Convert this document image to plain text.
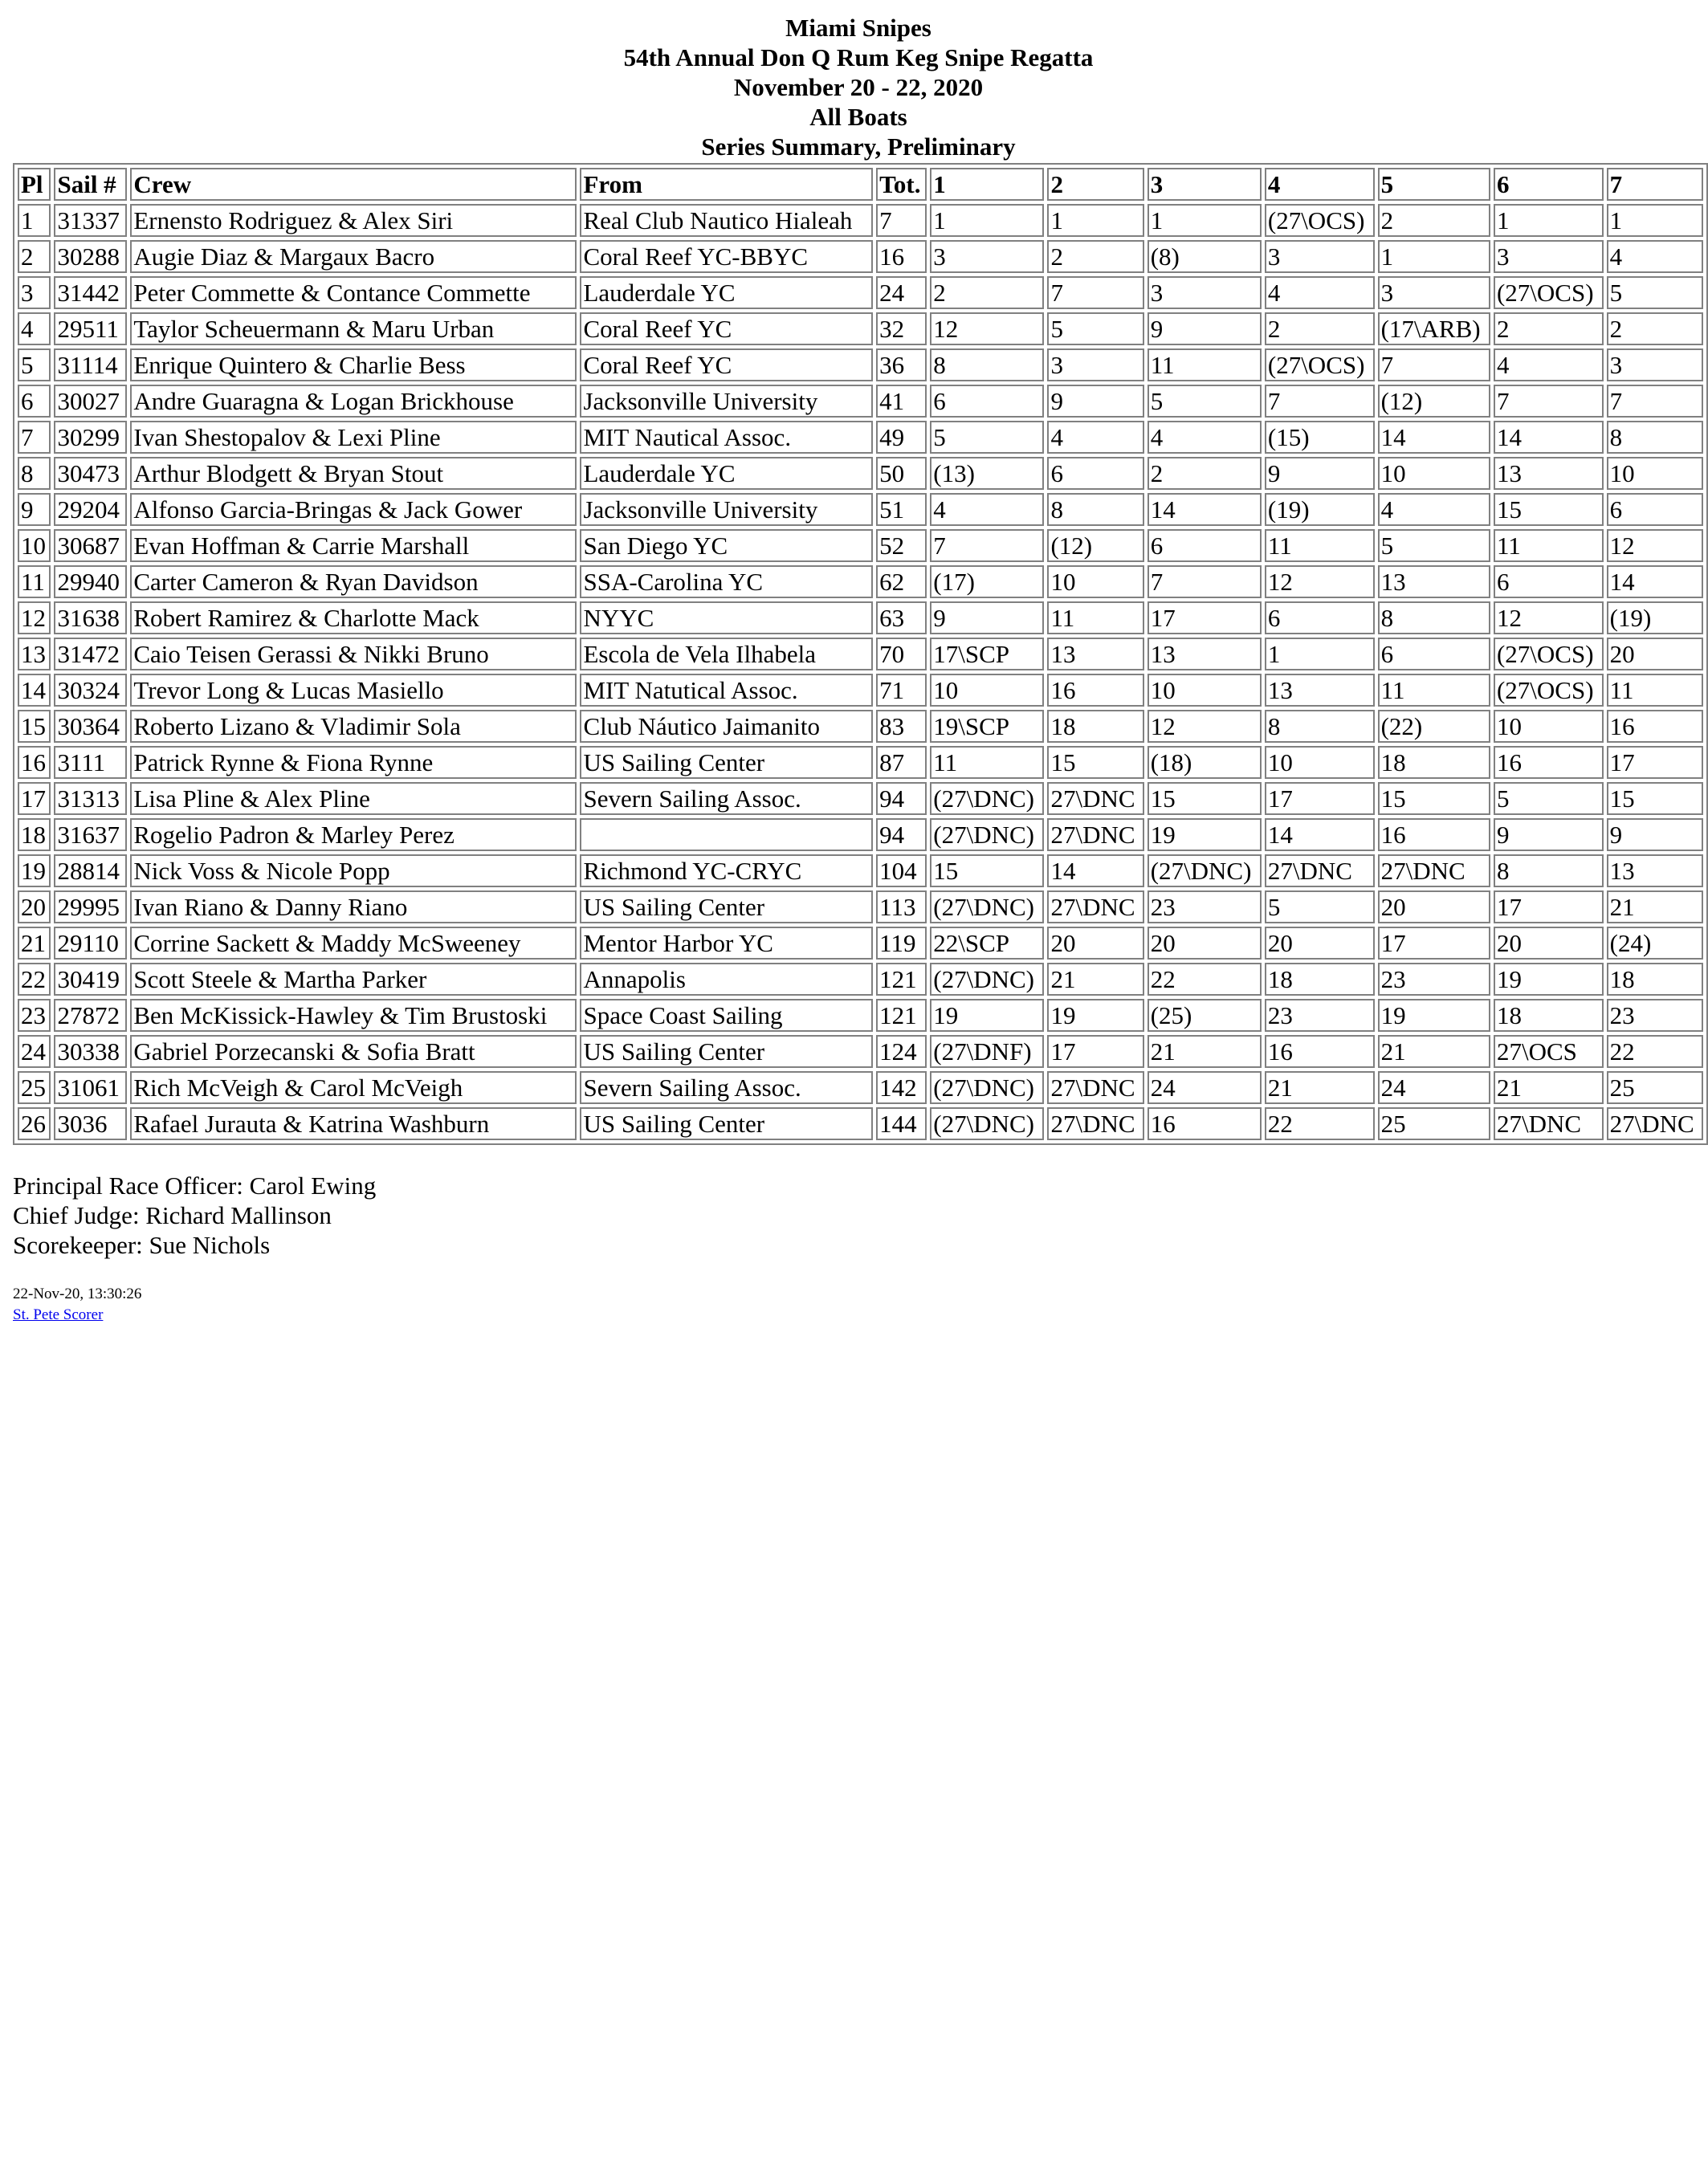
Miami Snipes
54th Annual Don Q Rum Keg Snipe Regatta
November 20 - 22, 2020
All Boats
Series Summary, Preliminary
Pl	Sail #	Crew	From	Tot.	1	2	3	4	5	6	7
1	31337	Ernensto Rodriguez & Alex Siri	Real Club Nautico Hialeah	7	1	1	1	(27\OCS)	2	1	1
2	30288	Augie Diaz & Margaux Bacro	Coral Reef YC-BBYC	16	3	2	(8)	3	1	3	4
3	31442	Peter Commette & Contance Commette	Lauderdale YC	24	2	7	3	4	3	(27\OCS)	5
4	29511	Taylor Scheuermann & Maru Urban	Coral Reef YC	32	12	5	9	2	(17\ARB)	2	2
5	31114	Enrique Quintero & Charlie Bess	Coral Reef YC	36	8	3	11	(27\OCS)	7	4	3
6	30027	Andre Guaragna & Logan Brickhouse	Jacksonville University	41	6	9	5	7	(12)	7	7
7	30299	Ivan Shestopalov & Lexi Pline	MIT Nautical Assoc.	49	5	4	4	(15)	14	14	8
8	30473	Arthur Blodgett & Bryan Stout	Lauderdale YC	50	(13)	6	2	9	10	13	10
9	29204	Alfonso Garcia-Bringas & Jack Gower	Jacksonville University	51	4	8	14	(19)	4	15	6
10	30687	Evan Hoffman & Carrie Marshall	San Diego YC	52	7	(12)	6	11	5	11	12
11	29940	Carter Cameron & Ryan Davidson	SSA-Carolina YC	62	(17)	10	7	12	13	6	14
12	31638	Robert Ramirez & Charlotte Mack	NYYC	63	9	11	17	6	8	12	(19)
13	31472	Caio Teisen Gerassi & Nikki Bruno	Escola de Vela Ilhabela	70	17\SCP	13	13	1	6	(27\OCS)	20
14	30324	Trevor Long & Lucas Masiello	MIT Natutical Assoc.	71	10	16	10	13	11	(27\OCS)	11
15	30364	Roberto Lizano & Vladimir Sola	Club Náutico Jaimanito	83	19\SCP	18	12	8	(22)	10	16
16	3111	Patrick Rynne & Fiona Rynne	US Sailing Center	87	11	15	(18)	10	18	16	17
17	31313	Lisa Pline & Alex Pline	Severn Sailing Assoc.	94	(27\DNC)	27\DNC	15	17	15	5	15
18	31637	Rogelio Padron & Marley Perez		94	(27\DNC)	27\DNC	19	14	16	9	9
19	28814	Nick Voss & Nicole Popp	Richmond YC-CRYC	104	15	14	(27\DNC)	27\DNC	27\DNC	8	13
20	29995	Ivan Riano & Danny Riano	US Sailing Center	113	(27\DNC)	27\DNC	23	5	20	17	21
21	29110	Corrine Sackett & Maddy McSweeney	Mentor Harbor YC	119	22\SCP	20	20	20	17	20	(24)
22	30419	Scott Steele & Martha Parker	Annapolis	121	(27\DNC)	21	22	18	23	19	18
23	27872	Ben McKissick-Hawley & Tim Brustoski	Space Coast Sailing	121	19	19	(25)	23	19	18	23
24	30338	Gabriel Porzecanski & Sofia Bratt	US Sailing Center	124	(27\DNF)	17	21	16	21	27\OCS	22
25	31061	Rich McVeigh & Carol McVeigh	Severn Sailing Assoc.	142	(27\DNC)	27\DNC	24	21	24	21	25
26	3036	Rafael Jurauta & Katrina Washburn	US Sailing Center	144	(27\DNC)	27\DNC	16	22	25	27\DNC	27\DNC
Principal Race Officer: Carol Ewing
Chief Judge: Richard Mallinson
Scorekeeper: Sue Nichols
22-Nov-20, 13:30:26
St. Pete Scorer
